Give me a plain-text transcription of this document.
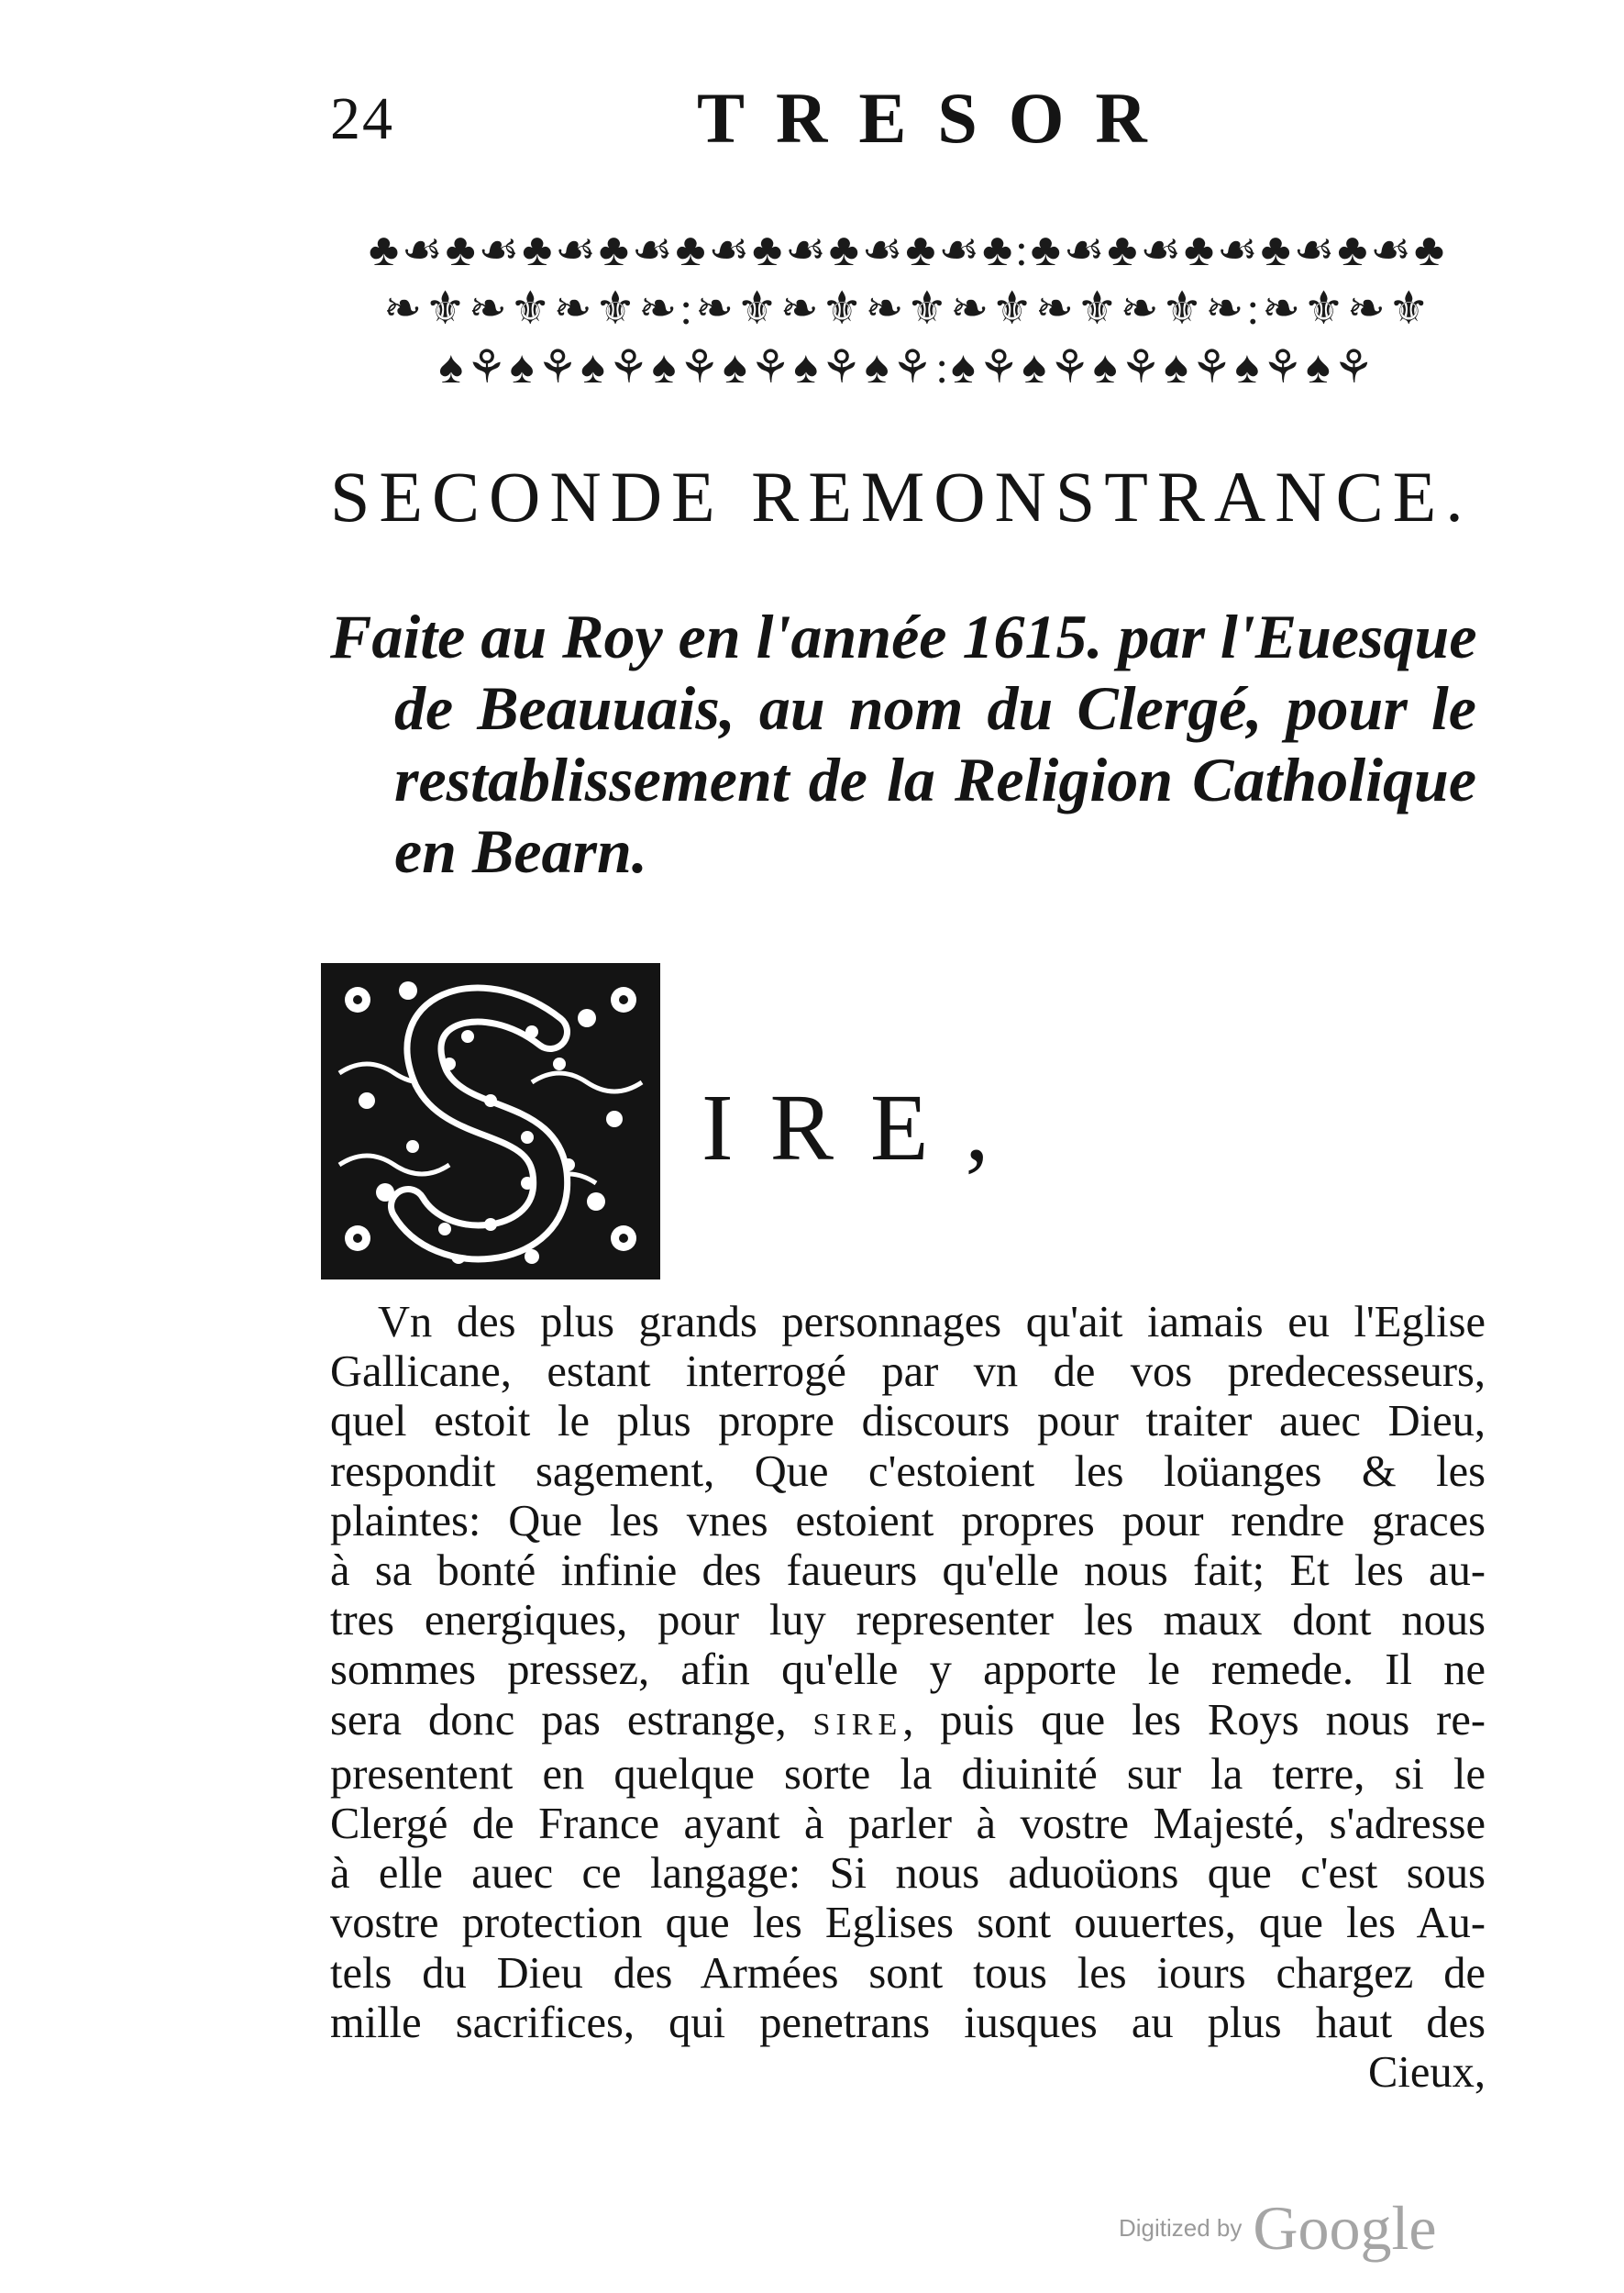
24	TRESOR
♣☙♣☙♣☙♣☙♣☙♣☙♣☙♣☙♣:♣☙♣☙♣☙♣☙♣☙♣
❧⚜❧⚜❧⚜❧:❧⚜❧⚜❧⚜❧⚜❧⚜❧⚜❧:❧⚜❧⚜
♠⚘♠⚘♠⚘♠⚘♠⚘♠⚘♠⚘:♠⚘♠⚘♠⚘♠⚘♠⚘♠⚘
SECONDE REMONSTRANCE.
Faite au Roy en l'année 1615. par l'Euesque
de Beauuais, au nom du Clergé, pour le
restablissement de la Religion Catholique
en Bearn.
IRE,
Vn des plus grands personnages qu'ait iamais eu l'Eglise
Gallicane, estant interrogé par vn de vos predecesseurs,
quel estoit le plus propre discours pour traiter auec Dieu,
respondit sagement, Que c'estoient les loüanges & les
plaintes: Que les vnes estoient propres pour rendre graces
à sa bonté infinie des faueurs qu'elle nous fait; Et les au-
tres energiques, pour luy representer les maux dont nous
sommes pressez, afin qu'elle y apporte le remede. Il ne
sera donc pas estrange, SIRE, puis que les Roys nous re-
presentent en quelque sorte la diuinité sur la terre, si le
Clergé de France ayant à parler à vostre Majesté, s'adresse
à elle auec ce langage: Si nous aduoüons que c'est sous
vostre protection que les Eglises sont ouuertes, que les Au-
tels du Dieu des Armées sont tous les iours chargez de
mille sacrifices, qui penetrans iusques au plus haut des
Cieux,
Digitized by Google
